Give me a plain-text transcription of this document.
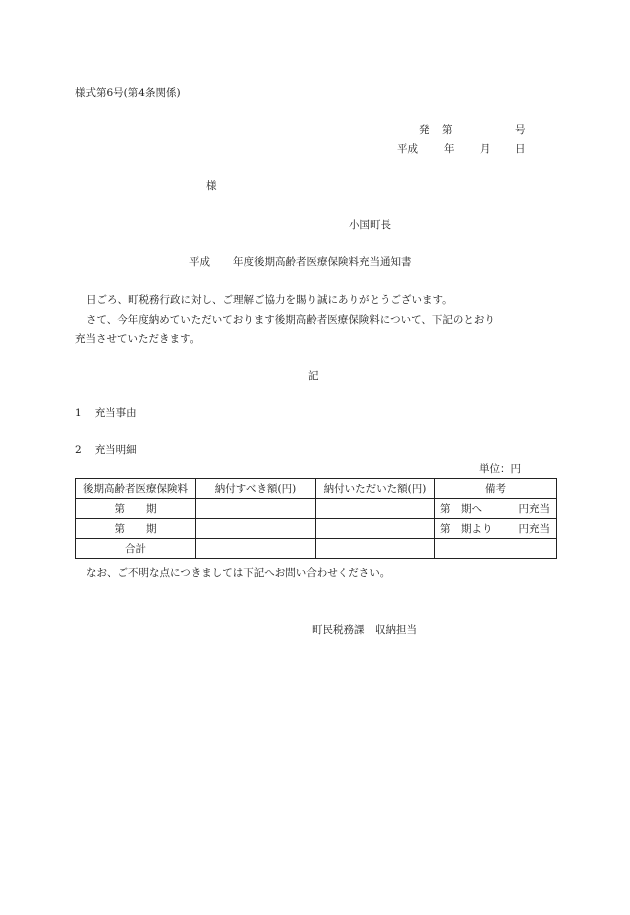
様式第6号(第4条関係)
発 第	号
平成 年 月 日
様
小国町長
平成 年度後期高齢者医療保険料充当通知書
日ごろ、町税務行政に対し、ご理解ご協力を賜り誠にありがとうございます。
さて、今年度納めていただいております後期高齢者医療保険料について、下記のとおり
充当させていただきます。
記
1 充当事由
2 充当明細
単位：円
後期高齢者医療保険料	納付すべき額(円)	納付いただいた額(円)	備考
第　　期			第　期へ 円充当

第　　期			第　期より 円充当

合計			
なお、ご不明な点につきましては下記へお問い合わせください。
町民税務課　収納担当
